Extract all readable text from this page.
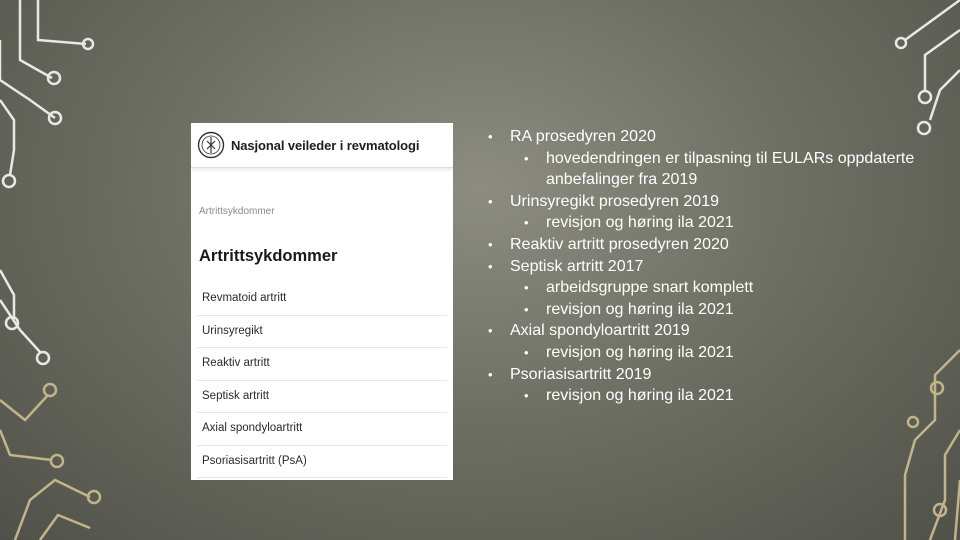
Nasjonal veileder i revmatologi
Artrittsykdommer
Artrittsykdommer
Revmatoid artritt
Urinsyregikt
Reaktiv artritt
Septisk artritt
Axial spondyloartritt
Psoriasisartritt (PsA)
• RA prosedyren 2020
• hovedendringen er tilpasning til EULARs oppdaterte anbefalinger fra 2019
• Urinsyregikt prosedyren 2019
• revisjon og høring ila 2021
• Reaktiv artritt prosedyren 2020
• Septisk artritt 2017
• arbeidsgruppe snart komplett
• revisjon og høring ila 2021
• Axial spondyloartritt 2019
• revisjon og høring ila 2021
• Psoriasisartritt 2019
• revisjon og høring ila 2021
